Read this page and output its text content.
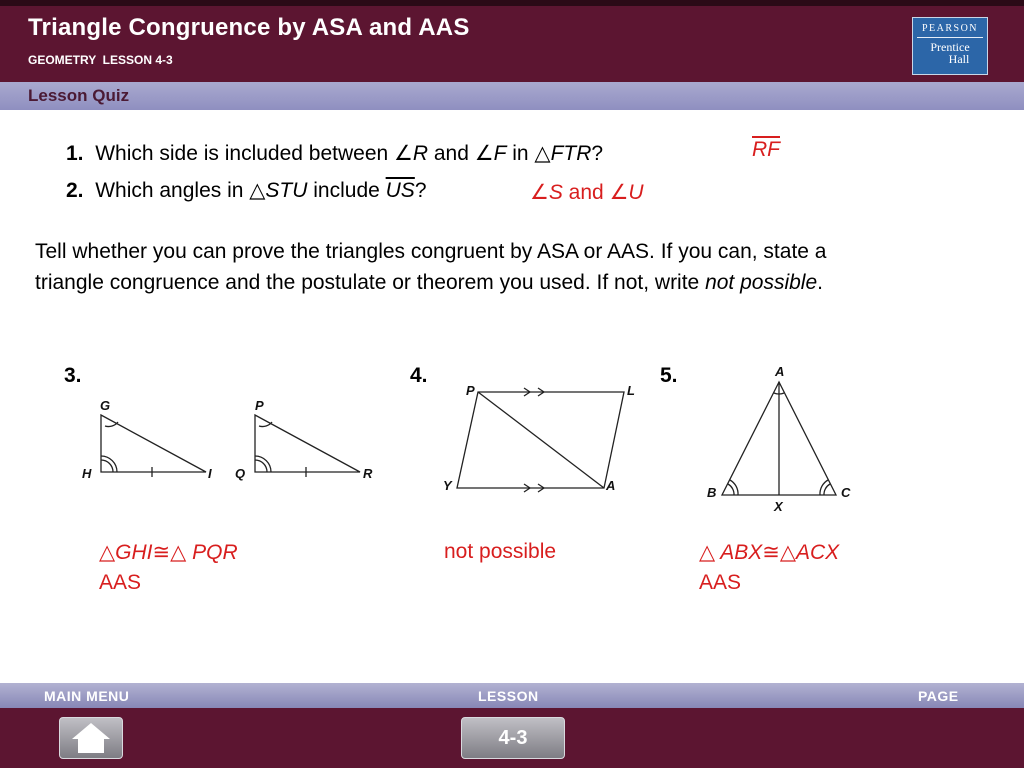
Triangle Congruence by ASA and AAS
GEOMETRY  LESSON 4-3
PEARSON
Prentice
Hall
Lesson Quiz
1. Which side is included between ∠R and ∠F in △FTR?	$\overline{RF}$
2. Which angles in △STU include $\overline{US}$?	∠S and ∠U
Tell whether you can prove the triangles congruent by ASA or AAS. If you can, state a triangle congruence and the postulate or theorem you used. If not, write not possible.
3.	4.	5.
G
H	I
P
Q	R
P	L
Y	A
A
B
X
C
△GHI≅△ PQR
AAS
not possible	△ ABX≅△ACX
AAS
MAIN MENU	LESSON	PAGE
4-3
